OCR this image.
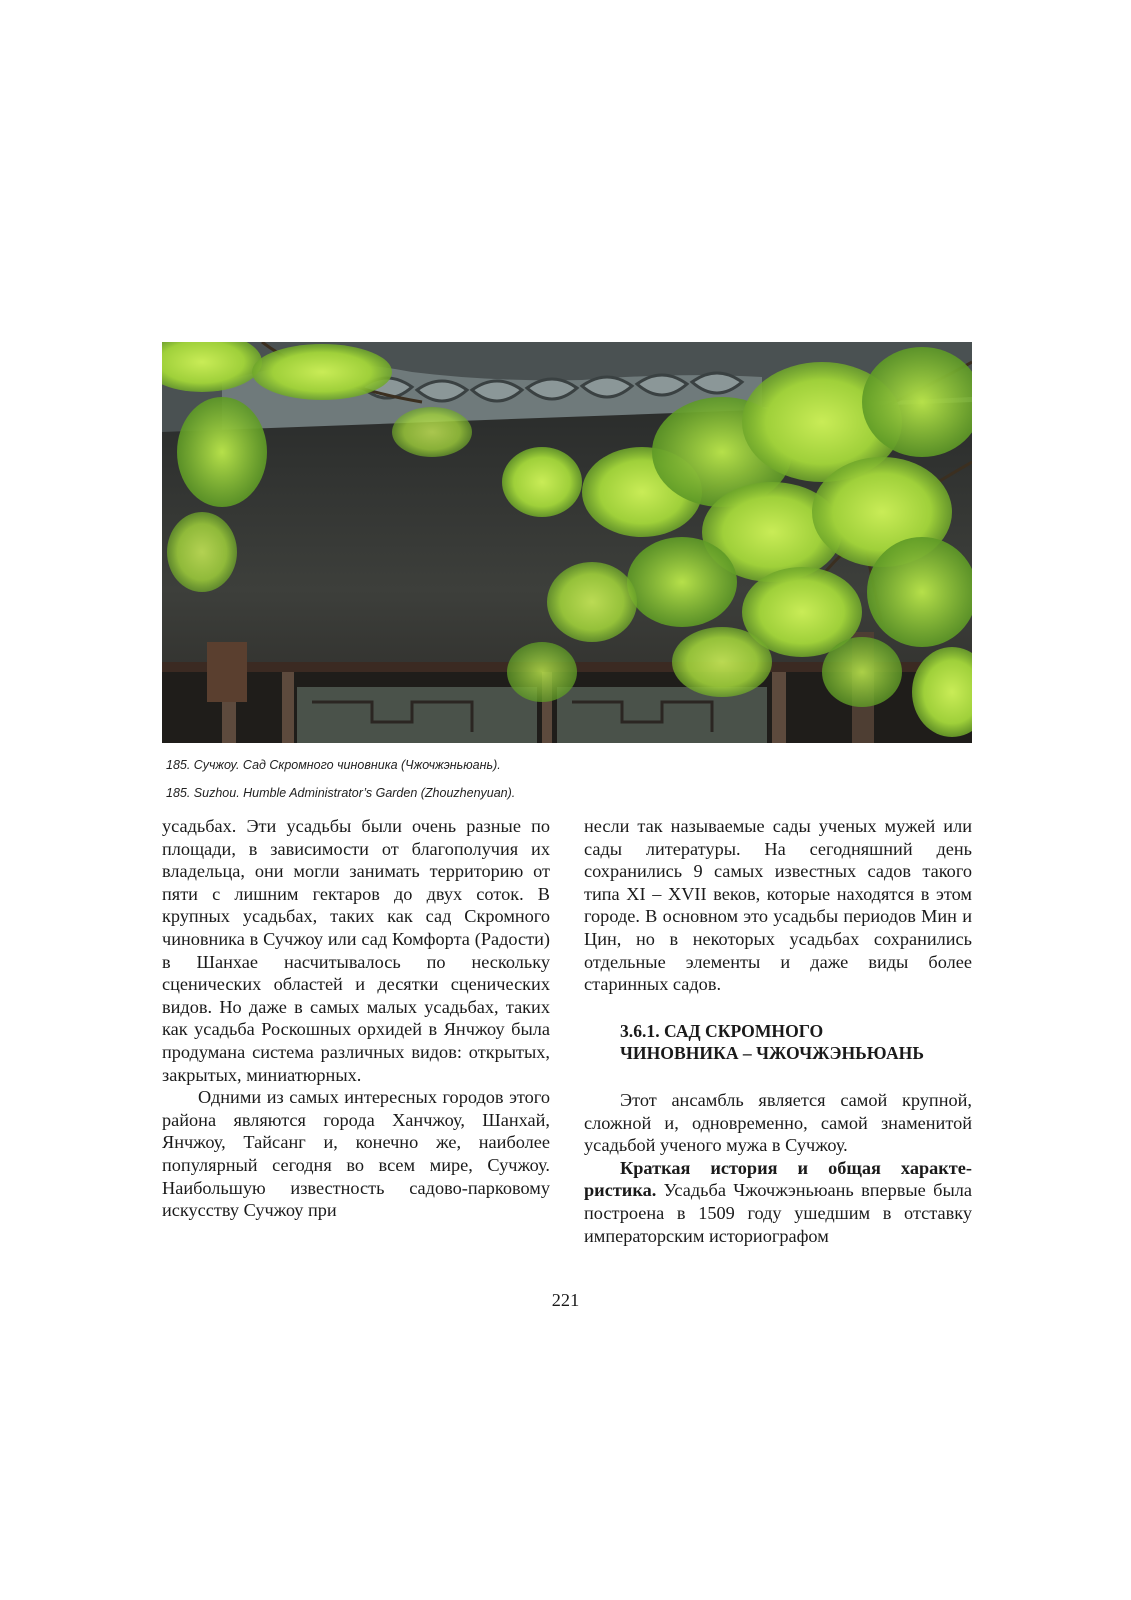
185. Сучжоу. Сад Скромного чиновника (Чжочжэньюань).
185. Suzhou. Humble Administrator’s Garden (Zhouzhenyuan).

усадьбах. Эти усадьбы были очень разные по площади, в зависимости от благополучия их владельца, они могли занимать территорию от пяти с лишним гектаров до двух соток. В крупных усадьбах, таких как сад Скромного чиновника в Сучжоу или сад Комфорта (Радости) в Шанхае насчитывалось по нескольку сценических областей и десятки сценических видов. Но даже в самых малых усадьбах, таких как усадьба Роскошных орхидей в Янчжоу была продумана система различных видов: открытых, закрытых, миниатюрных.

Одними из самых интересных городов этого района являются города Ханчжоу, Шанхай, Янчжоу, Тайсанг и, конечно же, наиболее популярный сегодня во всем мире, Сучжоу. Наибольшую известность садово-парковому искусству Сучжоу при

несли так называемые сады ученых мужей или сады литературы. На сегодняшний день сохранились 9 самых известных садов такого типа XI – XVII веков, которые находятся в этом городе. В основном это усадьбы периодов Мин и Цин, но в некоторых усадьбах сохранились отдельные элементы и даже виды более старинных садов.

3.6.1. САД СКРОМНОГО
ЧИНОВНИКА – ЧЖОЧЖЭНЬЮАНЬ

Этот ансамбль является самой крупной, сложной и, одновременно, самой знаменитой усадьбой ученого мужа в Сучжоу.

Краткая история и общая характеристика. Усадьба Чжочжэньюань впервые была построена в 1509 году ушедшим в отставку императорским историографом

221
